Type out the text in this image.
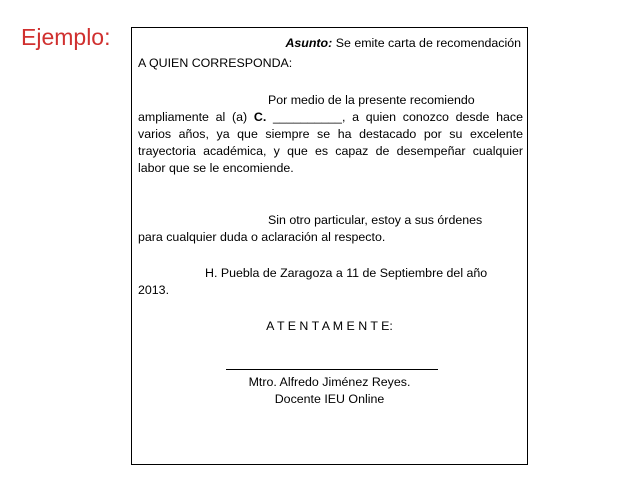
Ejemplo:	Asunto: Se emite carta de recomendación
A QUIEN CORRESPONDA:
Por medio de la presente recomiendo
ampliamente al (a) C. __________, a quien conozco desde hace varios años, ya que siempre se ha destacado por su excelente trayectoria académica, y que es capaz de desempeñar cualquier labor que se le encomiende.
Sin otro particular, estoy a sus órdenes
para cualquier duda o aclaración al respecto.
H. Puebla de Zaragoza a 11 de Septiembre del año
2013.
A T E N T A M E N T E:
Mtro. Alfredo Jiménez Reyes.
Docente IEU Online
